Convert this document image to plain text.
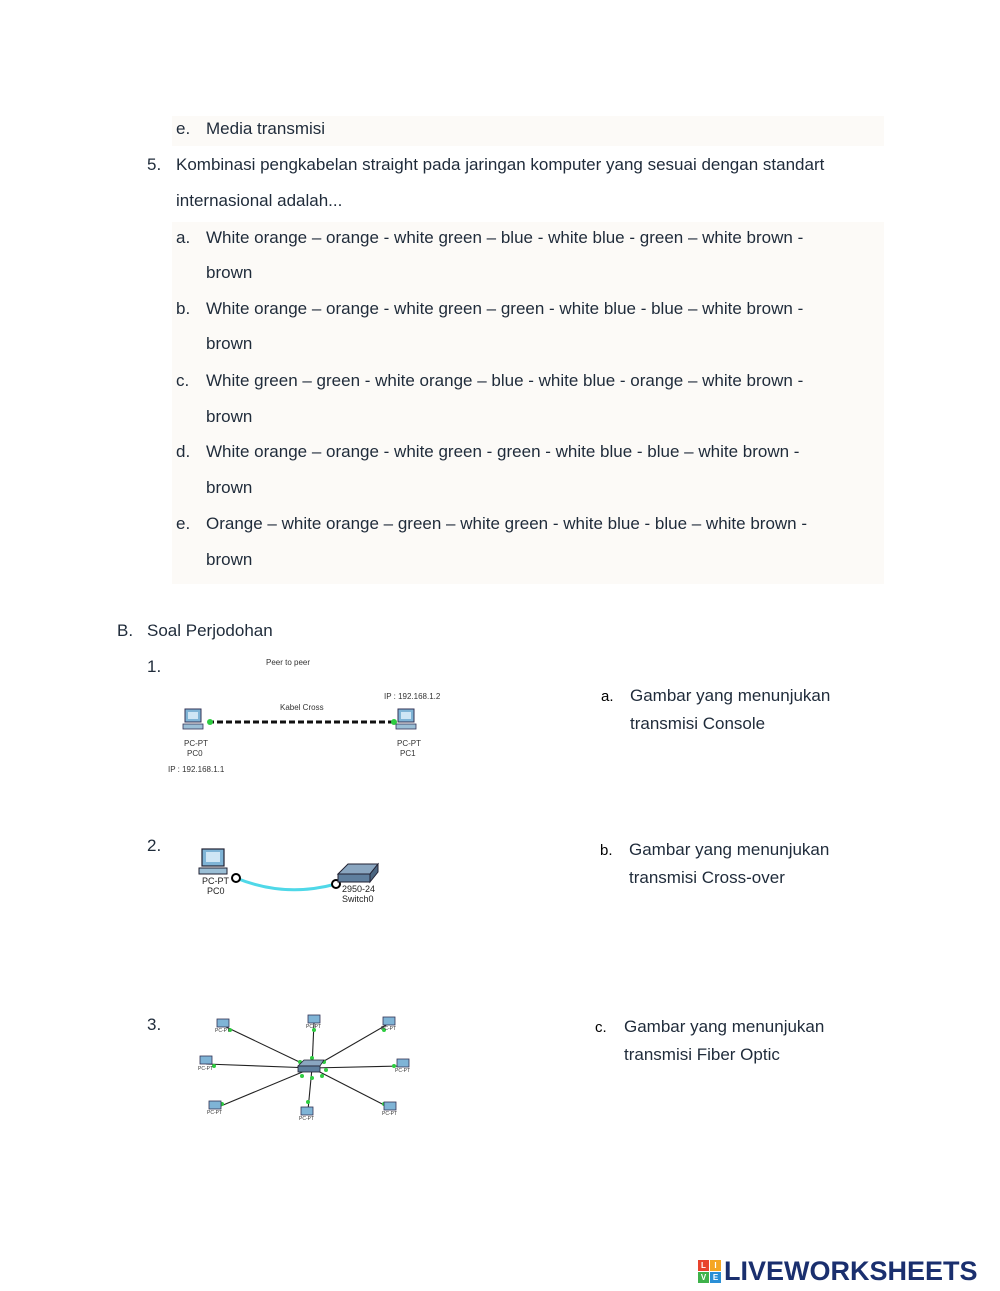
e. Media transmisi
5. Kombinasi pengkabelan straight pada jaringan komputer yang sesuai dengan standart
internasional adalah...
a. White orange – orange - white green – blue - white blue - green – white brown -
brown
b. White orange – orange - white green – green - white blue - blue – white brown -
brown
c. White green – green - white orange – blue - white blue - orange – white brown -
brown
d. White orange – orange - white green - green - white blue - blue – white brown -
brown
e. Orange – white orange – green – white green - white blue - blue – white brown -
brown
B. Soal Perjodohan
1.
2.
3.
Peer to peer
Kabel Cross
IP : 192.168.1.2
PC-PT
PC0
IP : 192.168.1.1
PC-PT
PC1
PC-PT
PC0	2950-24
Switch0
PC-PT
PC-PT	PC-PT
PC-PT	PC-PT
PC-PT
PC-PT
PC-PT
a. Gambar yang menunjukan
transmisi Console
b. Gambar yang menunjukan
transmisi Cross-over
c. Gambar yang menunjukan
transmisi Fiber Optic
L	I
V E LIVEWORKSHEETS
